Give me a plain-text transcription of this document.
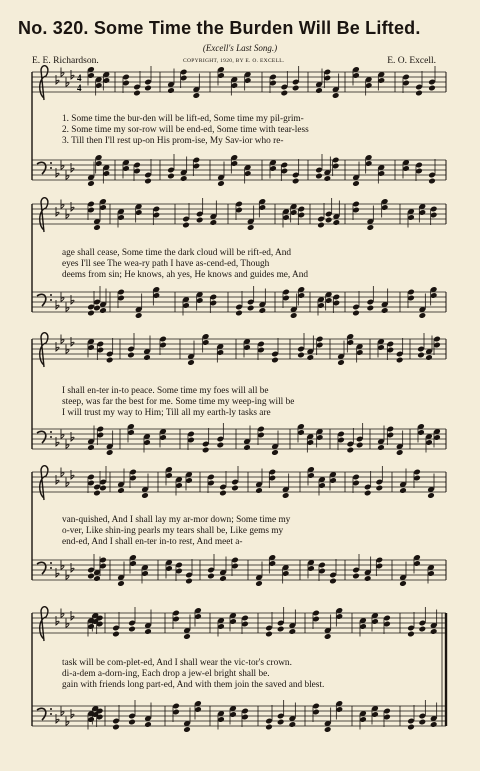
No. 320. Some Time the Burden Will Be Lifted.
(Excell's Last Song.)
E. E. Richardson.	COPYRIGHT, 1920, BY E. O. EXCELL.	E. O. Excell.
4
4
1. Some time the bur-den will be lift-ed, Some time my pil-grim-
2. Some time my sor-row will be end-ed, Some time with tear-less
3. Till then I'll rest up-on His prom-ise, My Sav-ior who re-
age shall cease, Some time the dark cloud will be rift-ed, And
eyes I'll see The wea-ry path I have as-cend-ed, Though
deems from sin; He knows, ah yes, He knows and guides me, And
I shall en-ter in-to peace. Some time my foes will all be
steep, was far the best for me. Some time my weep-ing will be
I will trust my way to Him; Till all my earth-ly tasks are
van-quished, And I shall lay my ar-mor down; Some time my
o-ver, Like shin-ing pearls my tears shall be, Like gems my
end-ed, And I shall en-ter in-to rest, And meet a-
task will be com-plet-ed, And I shall wear the vic-tor's crown.
di-a-dem a-dorn-ing, Each drop a jew-el bright shall be.
gain with friends long part-ed, And with them join the saved and blest.
